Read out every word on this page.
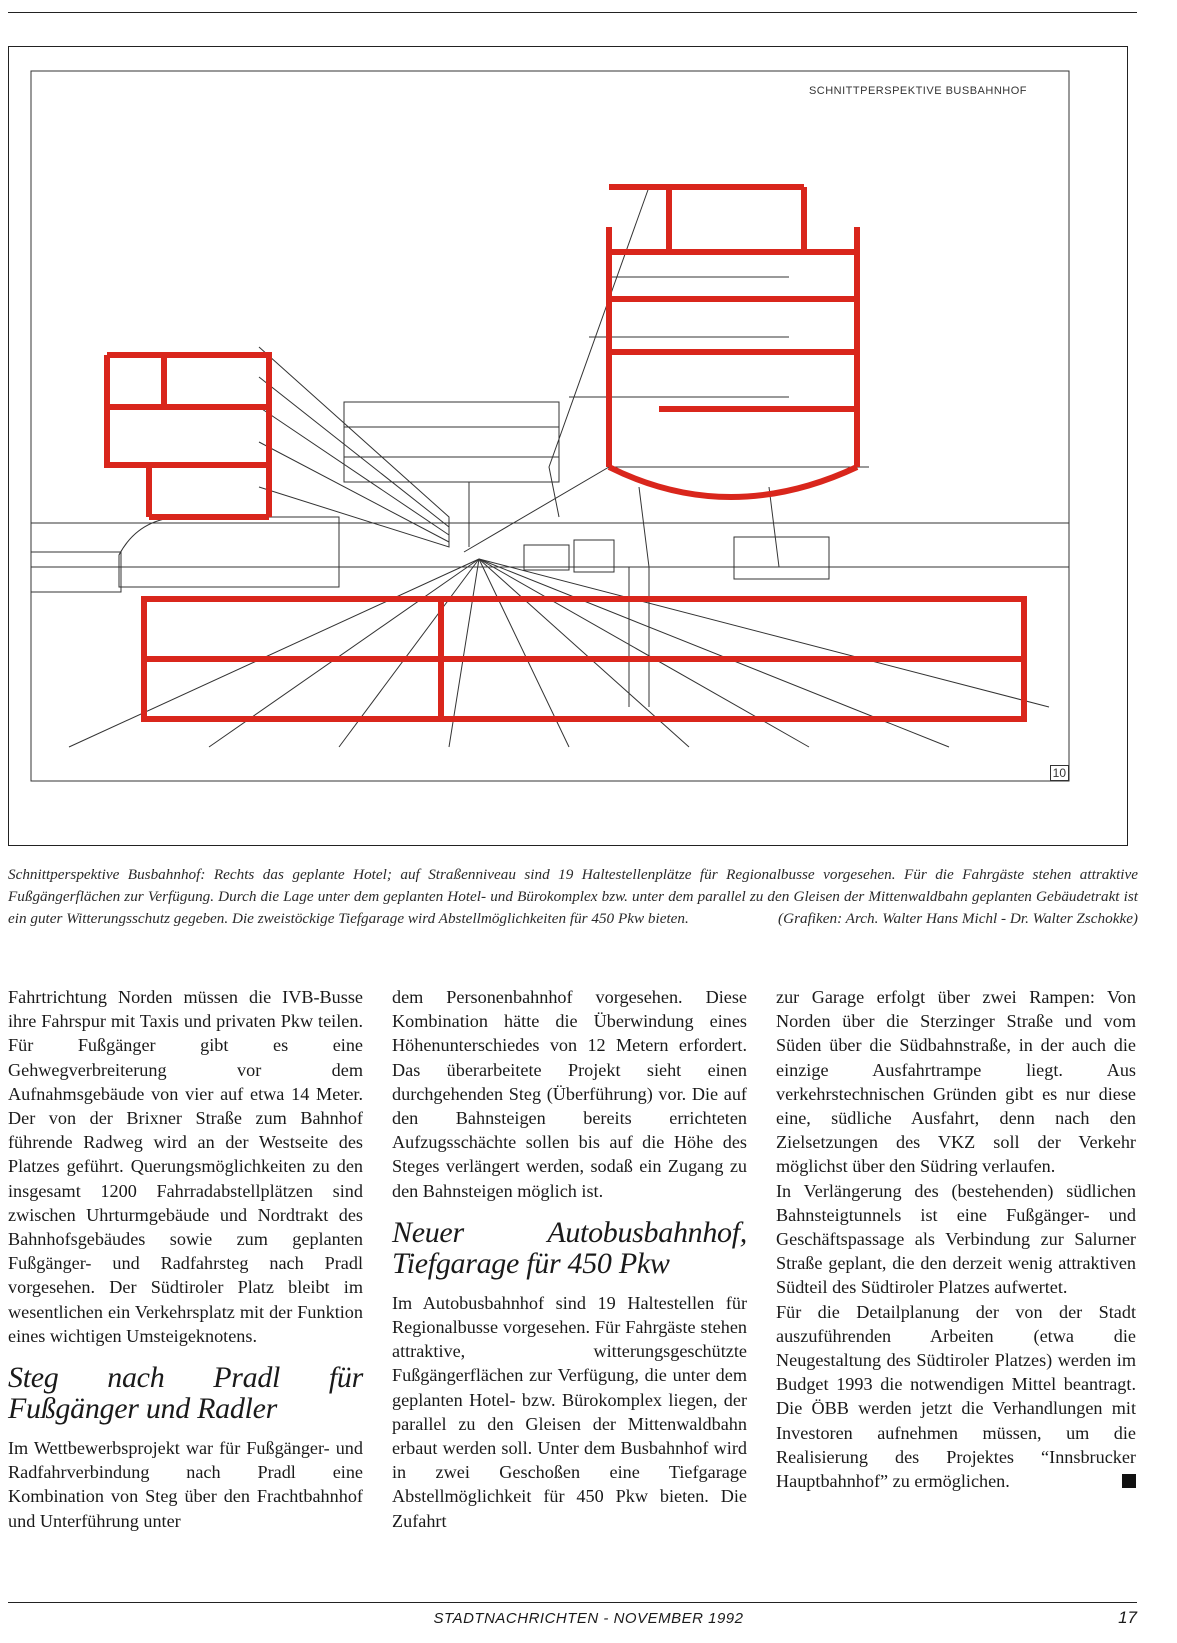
SCHNITTPERSPEKTIVE BUSBAHNHOF
10
Schnittperspektive Busbahnhof: Rechts das geplante Hotel; auf Straßenniveau sind 19 Haltestellenplätze für Regionalbusse vorgesehen. Für die Fahrgäste stehen attraktive Fußgängerflächen zur Verfügung. Durch die Lage unter dem geplanten Hotel- und Bürokomplex bzw. unter dem parallel zu den Gleisen der Mittenwaldbahn geplanten Gebäudetrakt ist ein guter Witterungsschutz gegeben. Die zweistöckige Tiefgarage wird Abstellmöglichkeiten für 450 Pkw bieten.	(Grafiken: Arch. Walter Hans Michl - Dr. Walter Zschokke)

Fahrtrichtung Norden müssen die IVB-Busse ihre Fahrspur mit Taxis und privaten Pkw teilen. Für Fußgänger gibt es eine Gehwegverbreiterung vor dem Aufnahmsgebäude von vier auf etwa 14 Meter. Der von der Brixner Straße zum Bahnhof führende Radweg wird an der Westseite des Platzes geführt. Querungsmöglichkeiten zu den insgesamt 1200 Fahrradabstellplätzen sind zwischen Uhrturmgebäude und Nordtrakt des Bahnhofsgebäudes sowie zum geplanten Fußgänger- und Radfahrsteg nach Pradl vorgesehen. Der Südtiroler Platz bleibt im wesentlichen ein Verkehrsplatz mit der Funktion eines wichtigen Umsteigeknotens.

Steg nach Pradl für Fußgänger und Radler

Im Wettbewerbsprojekt war für Fußgänger- und Radfahrverbindung nach Pradl eine Kombination von Steg über den Frachtbahnhof und Unterführung unter

dem Personenbahnhof vorgesehen. Diese Kombination hätte die Überwindung eines Höhenunterschiedes von 12 Metern erfordert. Das überarbeitete Projekt sieht einen durchgehenden Steg (Überführung) vor. Die auf den Bahnsteigen bereits errichteten Aufzugsschächte sollen bis auf die Höhe des Steges verlängert werden, sodaß ein Zugang zu den Bahnsteigen möglich ist.

Neuer Autobusbahnhof, Tiefgarage für 450 Pkw

Im Autobusbahnhof sind 19 Haltestellen für Regionalbusse vorgesehen. Für Fahrgäste stehen attraktive, witterungsgeschützte Fußgängerflächen zur Verfügung, die unter dem geplanten Hotel- bzw. Bürokomplex liegen, der parallel zu den Gleisen der Mittenwaldbahn erbaut werden soll. Unter dem Busbahnhof wird in zwei Geschoßen eine Tiefgarage Abstellmöglichkeit für 450 Pkw bieten. Die Zufahrt

zur Garage erfolgt über zwei Rampen: Von Norden über die Sterzinger Straße und vom Süden über die Südbahnstraße, in der auch die einzige Ausfahrtrampe liegt. Aus verkehrstechnischen Gründen gibt es nur diese eine, südliche Ausfahrt, denn nach den Zielsetzungen des VKZ soll der Verkehr möglichst über den Südring verlaufen.

In Verlängerung des (bestehenden) südlichen Bahnsteigtunnels ist eine Fußgänger- und Geschäftspassage als Verbindung zur Salurner Straße geplant, die den derzeit wenig attraktiven Südteil des Südtiroler Platzes aufwertet.

Für die Detailplanung der von der Stadt auszuführenden Arbeiten (etwa die Neugestaltung des Südtiroler Platzes) werden im Budget 1993 die notwendigen Mittel beantragt. Die ÖBB werden jetzt die Verhandlungen mit Investoren aufnehmen müssen, um die Realisierung des Projektes “Innsbrucker Hauptbahnhof” zu ermöglichen.

STADTNACHRICHTEN - NOVEMBER 1992	17
